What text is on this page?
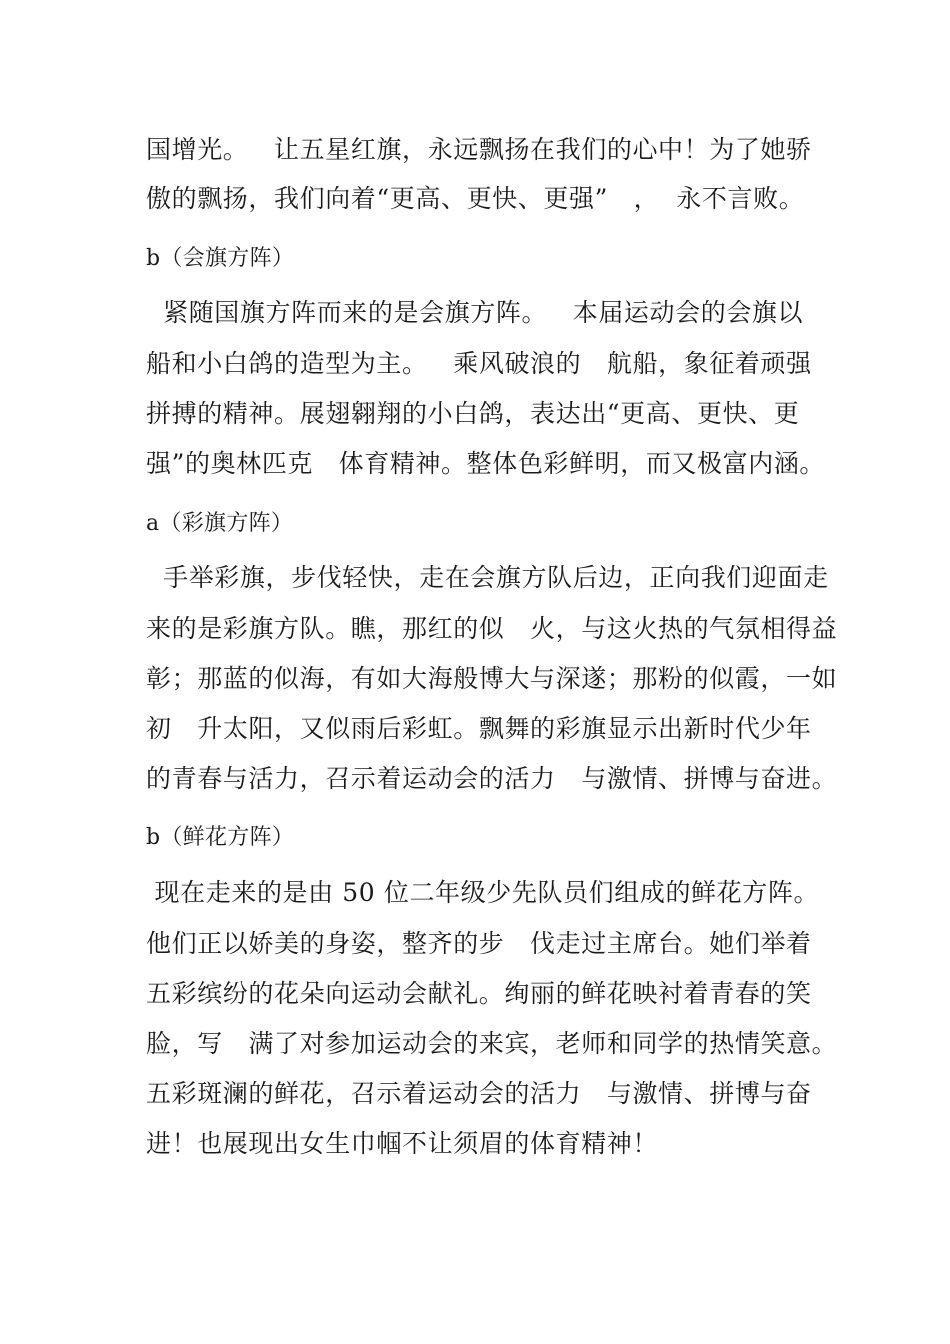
国增光。   让五星红旗，永远飘扬在我们的心中！为了她骄
傲的飘扬，我们向着“更高、更快、更强”   ，  永不言败。
b（会旗方阵）
紧随国旗方阵而来的是会旗方阵。   本届运动会的会旗以
船和小白鸽的造型为主。   乘风破浪的   航船，象征着顽强
拼搏的精神。展翅翱翔的小白鸽，表达出“更高、更快、更
强”的奥林匹克   体育精神。整体色彩鲜明，而又极富内涵。
a（彩旗方阵）
手举彩旗，步伐轻快，走在会旗方队后边，正向我们迎面走
来的是彩旗方队。瞧，那红的似   火，与这火热的气氛相得益
彰；那蓝的似海，有如大海般博大与深遂；那粉的似霞，一如
初   升太阳，又似雨后彩虹。飘舞的彩旗显示出新时代少年
的青春与活力，召示着运动会的活力   与激情、拼博与奋进。
b（鲜花方阵）
现在走来的是由 50 位二年级少先队员们组成的鲜花方阵。
他们正以娇美的身姿，整齐的步   伐走过主席台。她们举着
五彩缤纷的花朵向运动会献礼。绚丽的鲜花映衬着青春的笑
脸，写   满了对参加运动会的来宾，老师和同学的热情笑意。
五彩斑澜的鲜花，召示着运动会的活力   与激情、拼博与奋
进！也展现出女生巾帼不让须眉的体育精神！
